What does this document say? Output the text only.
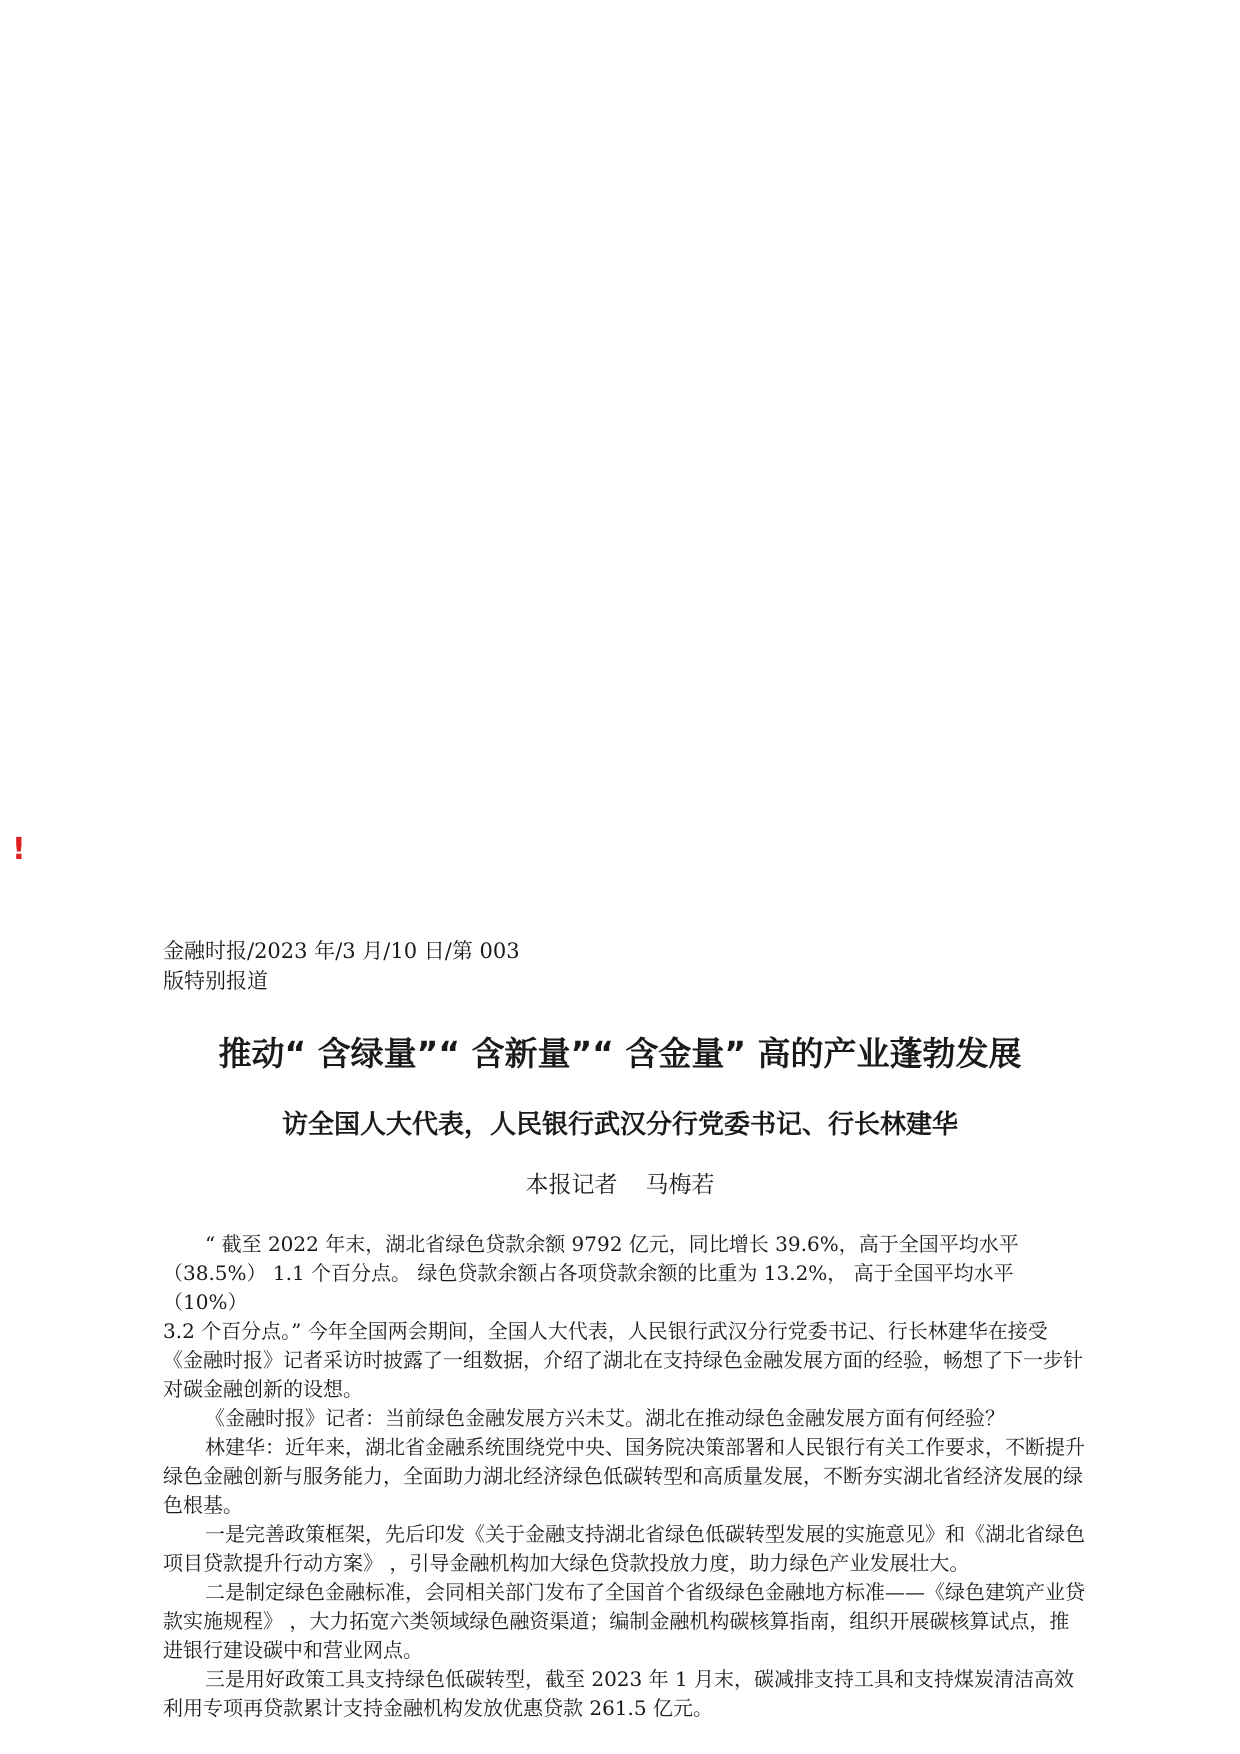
!
金融时报/2023 年/3 月/10 日/第 003
版特别报道
推动“ 含绿量”“ 含新量”“ 含金量” 高的产业蓬勃发展
访全国人大代表，人民银行武汉分行党委书记、行长林建华
本报记者 马梅若

“ 截至 2022 年末，湖北省绿色贷款余额 9792 亿元，同比增长 39.6%，高于全国平均水平

（38.5%） 1.1 个百分点。 绿色贷款余额占各项贷款余额的比重为 13.2%， 高于全国平均水平

（10%）

3.2 个百分点。” 今年全国两会期间，全国人大代表，人民银行武汉分行党委书记、行长林建华在接受《金融时报》记者采访时披露了一组数据，介绍了湖北在支持绿色金融发展方面的经验，畅想了下一步针对碳金融创新的设想。

《金融时报》记者：当前绿色金融发展方兴未艾。湖北在推动绿色金融发展方面有何经验？

林建华：近年来，湖北省金融系统围绕党中央、国务院决策部署和人民银行有关工作要求，不断提升绿色金融创新与服务能力，全面助力湖北经济绿色低碳转型和高质量发展，不断夯实湖北省经济发展的绿色根基。

一是完善政策框架，先后印发《关于金融支持湖北省绿色低碳转型发展的实施意见》和《湖北省绿色项目贷款提升行动方案》 ，引导金融机构加大绿色贷款投放力度，助力绿色产业发展壮大。

二是制定绿色金融标准，会同相关部门发布了全国首个省级绿色金融地方标准——《绿色建筑产业贷款实施规程》 ，大力拓宽六类领域绿色融资渠道；编制金融机构碳核算指南，组织开展碳核算试点，推进银行建设碳中和营业网点。

三是用好政策工具支持绿色低碳转型，截至 2023 年 1 月末，碳减排支持工具和支持煤炭清洁高效利用专项再贷款累计支持金融机构发放优惠贷款 261.5 亿元。
